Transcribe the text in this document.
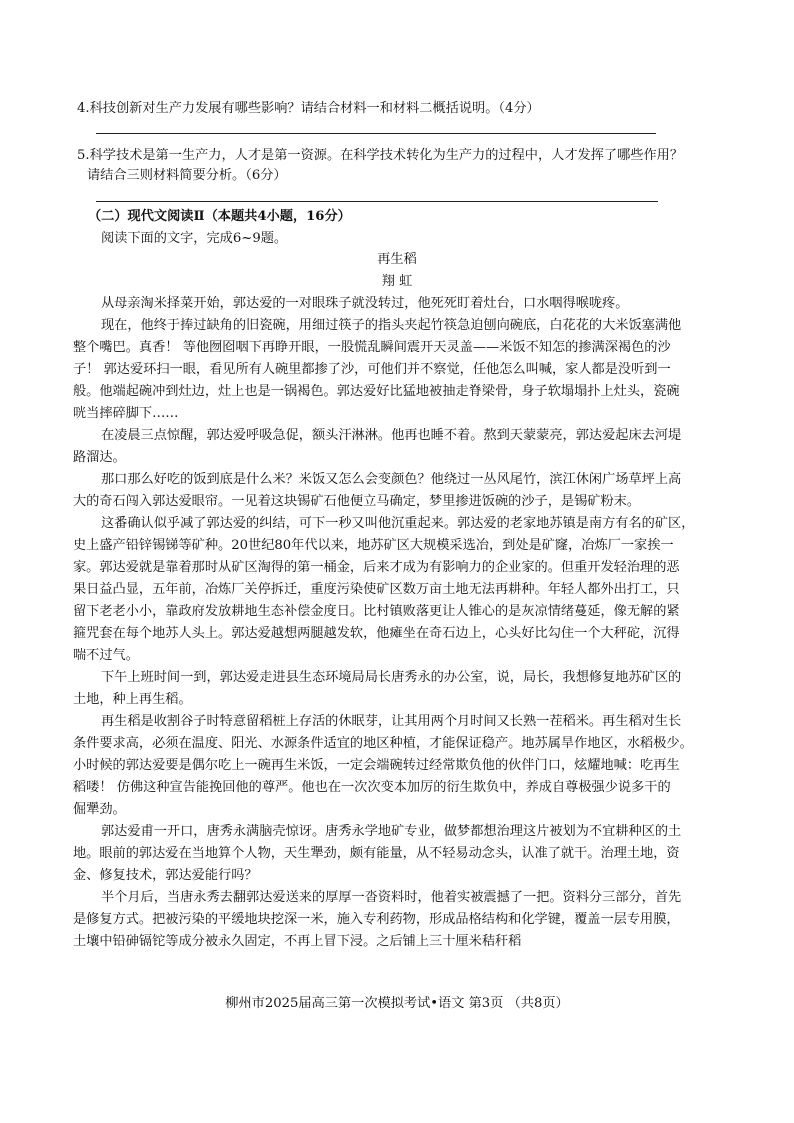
4.科技创新对生产力发展有哪些影响？请结合材料一和材料二概括说明。（4分）
5.科学技术是第一生产力，人才是第一资源。在科学技术转化为生产力的过程中，人才发挥了哪些作用？
请结合三则材料简要分析。（6分）
（二）现代文阅读Ⅱ（本题共4小题，16分）
阅读下面的文字，完成6~9题。
再生稻
翔 虹
从母亲淘米择菜开始，郭达爱的一对眼珠子就没转过，他死死盯着灶台，口水咽得喉咙疼。
现在，他终于捧过缺角的旧瓷碗，用细过筷子的指头夹起竹筷急迫刨向碗底，白花花的大米饭塞满他
整个嘴巴。真香！ 等他囫囵咽下再睁开眼，一股慌乱瞬间震开天灵盖——米饭不知怎的掺满深褐色的沙
子！ 郭达爱环扫一眼，看见所有人碗里都掺了沙，可他们并不察觉，任他怎么叫喊，家人都是没听到一
般。他端起碗冲到灶边，灶上也是一锅褐色。郭达爱好比猛地被抽走脊梁骨，身子软塌塌扑上灶头，瓷碗
咣当摔碎脚下……
在凌晨三点惊醒，郭达爱呼吸急促，额头汗淋淋。他再也睡不着。熬到天蒙蒙亮，郭达爱起床去河堤
路溜达。
那口那么好吃的饭到底是什么米？米饭又怎么会变颜色？他绕过一丛风尾竹，滨江休闲广场草坪上高
大的奇石闯入郭达爱眼帘。一见着这块锡矿石他便立马确定，梦里掺进饭碗的沙子，是锡矿粉末。
这番确认似乎减了郭达爱的纠结，可下一秒又叫他沉重起来。郭达爱的老家地苏镇是南方有名的矿区，
史上盛产铅锌锡锑等矿种。20世纪80年代以来，地苏矿区大规模采选冶，到处是矿窿，冶炼厂一家挨一
家。郭达爱就是靠着那时从矿区淘得的第一桶金，后来才成为有影响力的企业家的。但重开发轻治理的恶
果日益凸显，五年前，冶炼厂关停拆迁，重度污染使矿区数万亩土地无法再耕种。年轻人都外出打工，只
留下老老小小，靠政府发放耕地生态补偿金度日。比村镇败落更让人锥心的是灰凉情绪蔓延，像无解的紧
箍咒套在每个地苏人头上。郭达爱越想两腿越发软，他瘫坐在奇石边上，心头好比勾住一个大秤砣，沉得
喘不过气。
下午上班时间一到，郭达爱走进县生态环境局局长唐秀永的办公室，说，局长，我想修复地苏矿区的
土地，种上再生稻。
再生稻是收割谷子时特意留稻桩上存活的休眠芽，让其用两个月时间又长熟一茬稻米。再生稻对生长
条件要求高，必须在温度、阳光、水源条件适宜的地区种植，才能保证稳产。地苏属旱作地区，水稻极少。
小时候的郭达爱要是偶尔吃上一碗再生米饭，一定会端碗转过经常欺负他的伙伴门口，炫耀地喊：吃再生
稻喽！ 仿佛这种宣告能挽回他的尊严。他也在一次次变本加厉的衍生欺负中，养成自尊极强少说多干的
倔犟劲。
郭达爱甫一开口，唐秀永满脑壳惊讶。唐秀永学地矿专业，做梦都想治理这片被划为不宜耕种区的土
地。眼前的郭达爱在当地算个人物，天生犟劲，颇有能量，从不轻易动念头，认准了就干。治理土地，资
金、修复技术，郭达爱能行吗？
半个月后，当唐永秀去翻郭达爱送来的厚厚一沓资料时，他着实被震撼了一把。资料分三部分，首先
是修复方式。把被污染的平缓地块挖深一米，施入专利药物，形成品格结构和化学键，覆盖一层专用膜，
土壤中铅砷镉铊等成分被永久固定，不再上冒下浸。之后铺上三十厘米秸秆稻
柳州市2025届高三第一次模拟考试•语文 第3页 （共8页）
